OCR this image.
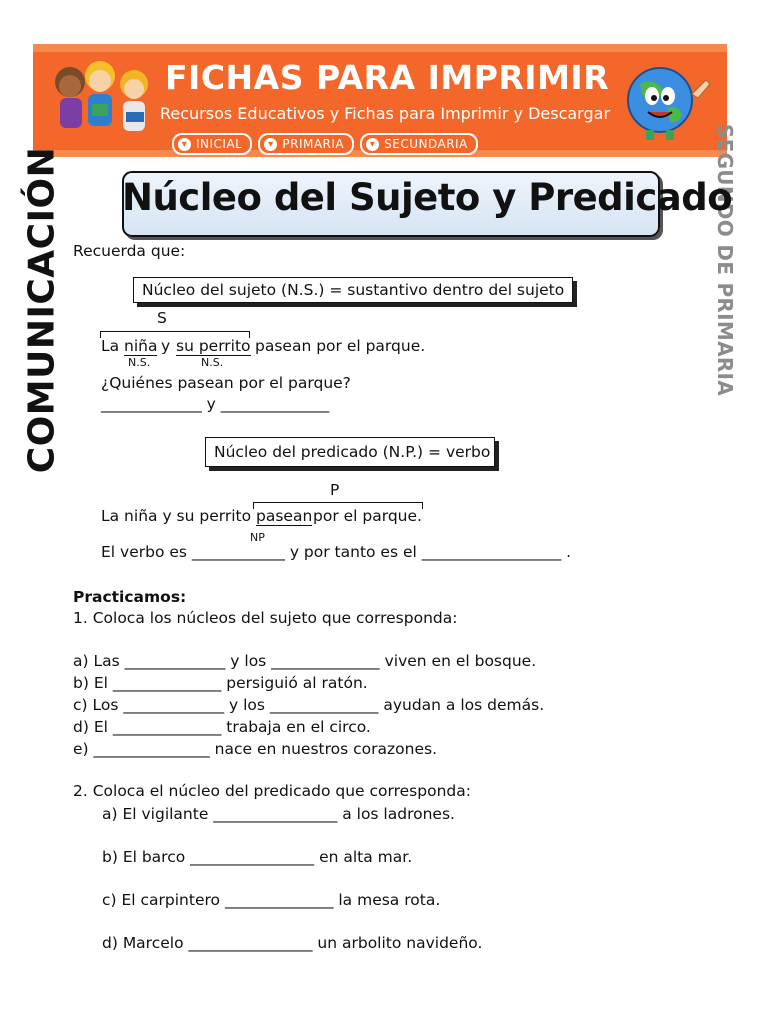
FICHAS PARA IMPRIMIR
Recursos Educativos y Fichas para Imprimir y Descargar
▾ INICIAL	▾ PRIMARIA	▾ SECUNDARIA
COMUNICACIÓN	SEGUNDO DE PRIMARIA
Núcleo del Sujeto y Predicado
Recuerda que:
Núcleo del sujeto (N.S.) = sustantivo dentro del sujeto
S
La niña y su perrito pasean por el parque.
N.S.	N.S.
¿Quiénes pasean por el parque?
_____________ y ______________
Núcleo del predicado (N.P.) = verbo
P
La niña y su perrito pasean por el parque.
NP
El verbo es ____________ y por tanto es el __________________ .
Practicamos:
1. Coloca los núcleos del sujeto que corresponda:
a) Las _____________ y los ______________ viven en el bosque.
b) El ______________ persiguió al ratón.
c) Los _____________ y los ______________ ayudan a los demás.
d) El ______________ trabaja en el circo.
e) _______________ nace en nuestros corazones.
2. Coloca el núcleo del predicado que corresponda:
a) El vigilante ________________ a los ladrones.
b) El barco ________________ en alta mar.
c) El carpintero ______________ la mesa rota.
d) Marcelo ________________ un arbolito navideño.
